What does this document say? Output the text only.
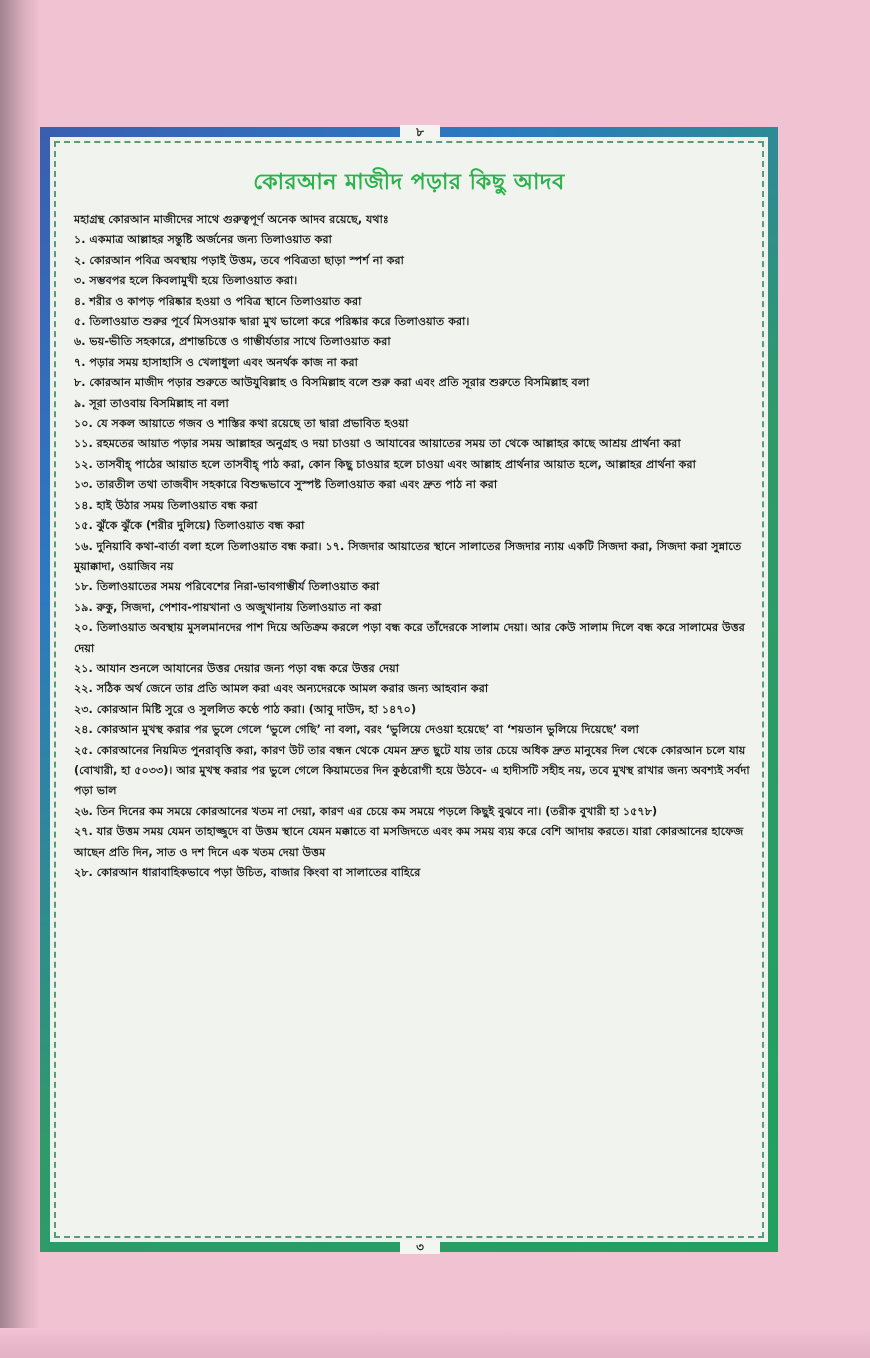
৮
কোরআন মাজীদ পড়ার কিছু আদব
মহাগ্রন্থ কোরআন মাজীদের সাথে গুরুত্বপূর্ণ অনেক আদব রয়েছে, যথাঃ
১. একমাত্র আল্লাহর সন্তুষ্টি অর্জনের জন্য তিলাওয়াত করা
২. কোরআন পবিত্র অবস্থায় পড়াই উত্তম, তবে পবিত্রতা ছাড়া স্পর্শ না করা
৩. সম্ভবপর হলে কিবলামুখী হয়ে তিলাওয়াত করা।
৪. শরীর ও কাপড় পরিষ্কার হওয়া ও পবিত্র স্থানে তিলাওয়াত করা
৫. তিলাওয়াত শুরুর পূর্বে মিসওয়াক দ্বারা মুখ ভালো করে পরিষ্কার করে তিলাওয়াত করা।
৬. ভয়-ভীতি সহকারে, প্রশান্তচিত্তে ও গাম্ভীর্যতার সাথে তিলাওয়াত করা
৭. পড়ার সময় হাসাহাসি ও খেলাধুলা এবং অনর্থক কাজ না করা
৮. কোরআন মাজীদ পড়ার শুরুতে আউযুবিল্লাহ ও বিসমিল্লাহ বলে শুরু করা এবং প্রতি সূরার শুরুতে বিসমিল্লাহ বলা
৯. সূরা তাওবায় বিসমিল্লাহ না বলা
১০. যে সকল আয়াতে গজব ও শাস্তির কথা রয়েছে তা দ্বারা প্রভাবিত হওয়া
১১. রহমতের আয়াত পড়ার সময় আল্লাহর অনুগ্রহ ও দয়া চাওয়া ও আযাবের আয়াতের সময় তা থেকে আল্লাহর কাছে আশ্রয় প্রার্থনা করা
১২. তাসবীহ্ পাঠের আয়াত হলে তাসবীহ্ পাঠ করা, কোন কিছু চাওয়ার হলে চাওয়া এবং আল্লাহ প্রার্থনার আয়াত হলে, আল্লাহর প্রার্থনা করা
১৩. তারতীল তথা তাজবীদ সহকারে বিশুদ্ধভাবে সুস্পষ্ট তিলাওয়াত করা এবং দ্রুত পাঠ না করা
১৪. হাই উঠার সময় তিলাওয়াত বন্ধ করা
১৫. ঝুঁকে ঝুঁকে (শরীর দুলিয়ে) তিলাওয়াত বন্ধ করা
১৬. দুনিয়াবি কথা-বার্তা বলা হলে তিলাওয়াত বন্ধ করা। ১৭. সিজদার আয়াতের স্থানে সালাতের সিজদার ন্যায় একটি সিজদা করা, সিজদা করা সুন্নাতে মুয়াক্কাদা, ওয়াজিব নয়
১৮. তিলাওয়াতের সময় পরিবেশের নিরা-ভাবগাম্ভীর্য তিলাওয়াত করা
১৯. রুকু, সিজদা, পেশাব-পায়খানা ও অজুখানায় তিলাওয়াত না করা
২০. তিলাওয়াত অবস্থায় মুসলমানদের পাশ দিয়ে অতিক্রম করলে পড়া বন্ধ করে তাঁদেরকে সালাম দেয়া। আর কেউ সালাম দিলে বন্ধ করে সালামের উত্তর দেয়া
২১. আযান শুনলে আযানের উত্তর দেয়ার জন্য পড়া বন্ধ করে উত্তর দেয়া
২২. সঠিক অর্থ জেনে তার প্রতি আমল করা এবং অন্যদেরকে আমল করার জন্য আহবান করা
২৩. কোরআন মিষ্টি সুরে ও সুললিত কণ্ঠে পাঠ করা। (আবু দাউদ, হা ১৪৭০)
২৪. কোরআন মুখস্থ করার পর ভুলে গেলে ‘ভুলে গেছি’ না বলা, বরং ‘ভুলিয়ে দেওয়া হয়েছে’ বা ‘শয়তান ভুলিয়ে দিয়েছে’ বলা
২৫. কোরআনের নিয়মিত পুনরাবৃত্তি করা, কারণ উট তার বন্ধন থেকে যেমন দ্রুত ছুটে যায় তার চেয়ে অধিক দ্রুত মানুষের দিল থেকে কোরআন চলে যায় (বোখারী, হা ৫০৩৩)। আর মুখস্থ করার পর ভুলে গেলে কিয়ামতের দিন কুষ্ঠরোগী হয়ে উঠবে- এ হাদীসটি সহীহ নয়, তবে মুখস্থ রাখার জন্য অবশ্যই সর্বদা পড়া ভাল
২৬. তিন দিনের কম সময়ে কোরআনের খতম না দেয়া, কারণ এর চেয়ে কম সময়ে পড়লে কিছুই বুঝবে না। (তরীক বুখারী হা ১৫৭৮)
২৭. যার উত্তম সময় যেমন তাহাজ্জুদে বা উত্তম স্থানে যেমন মক্কাতে বা মসজিদতে এবং কম সময় ব্যয় করে বেশি আদায় করতে। যারা কোরআনের হাফেজ আছেন প্রতি দিন, সাত ও দশ দিনে এক খতম দেয়া উত্তম
২৮. কোরআন ধারাবাহিকভাবে পড়া উচিত, বাজার কিংবা বা সালাতের বাহিরে
৩
